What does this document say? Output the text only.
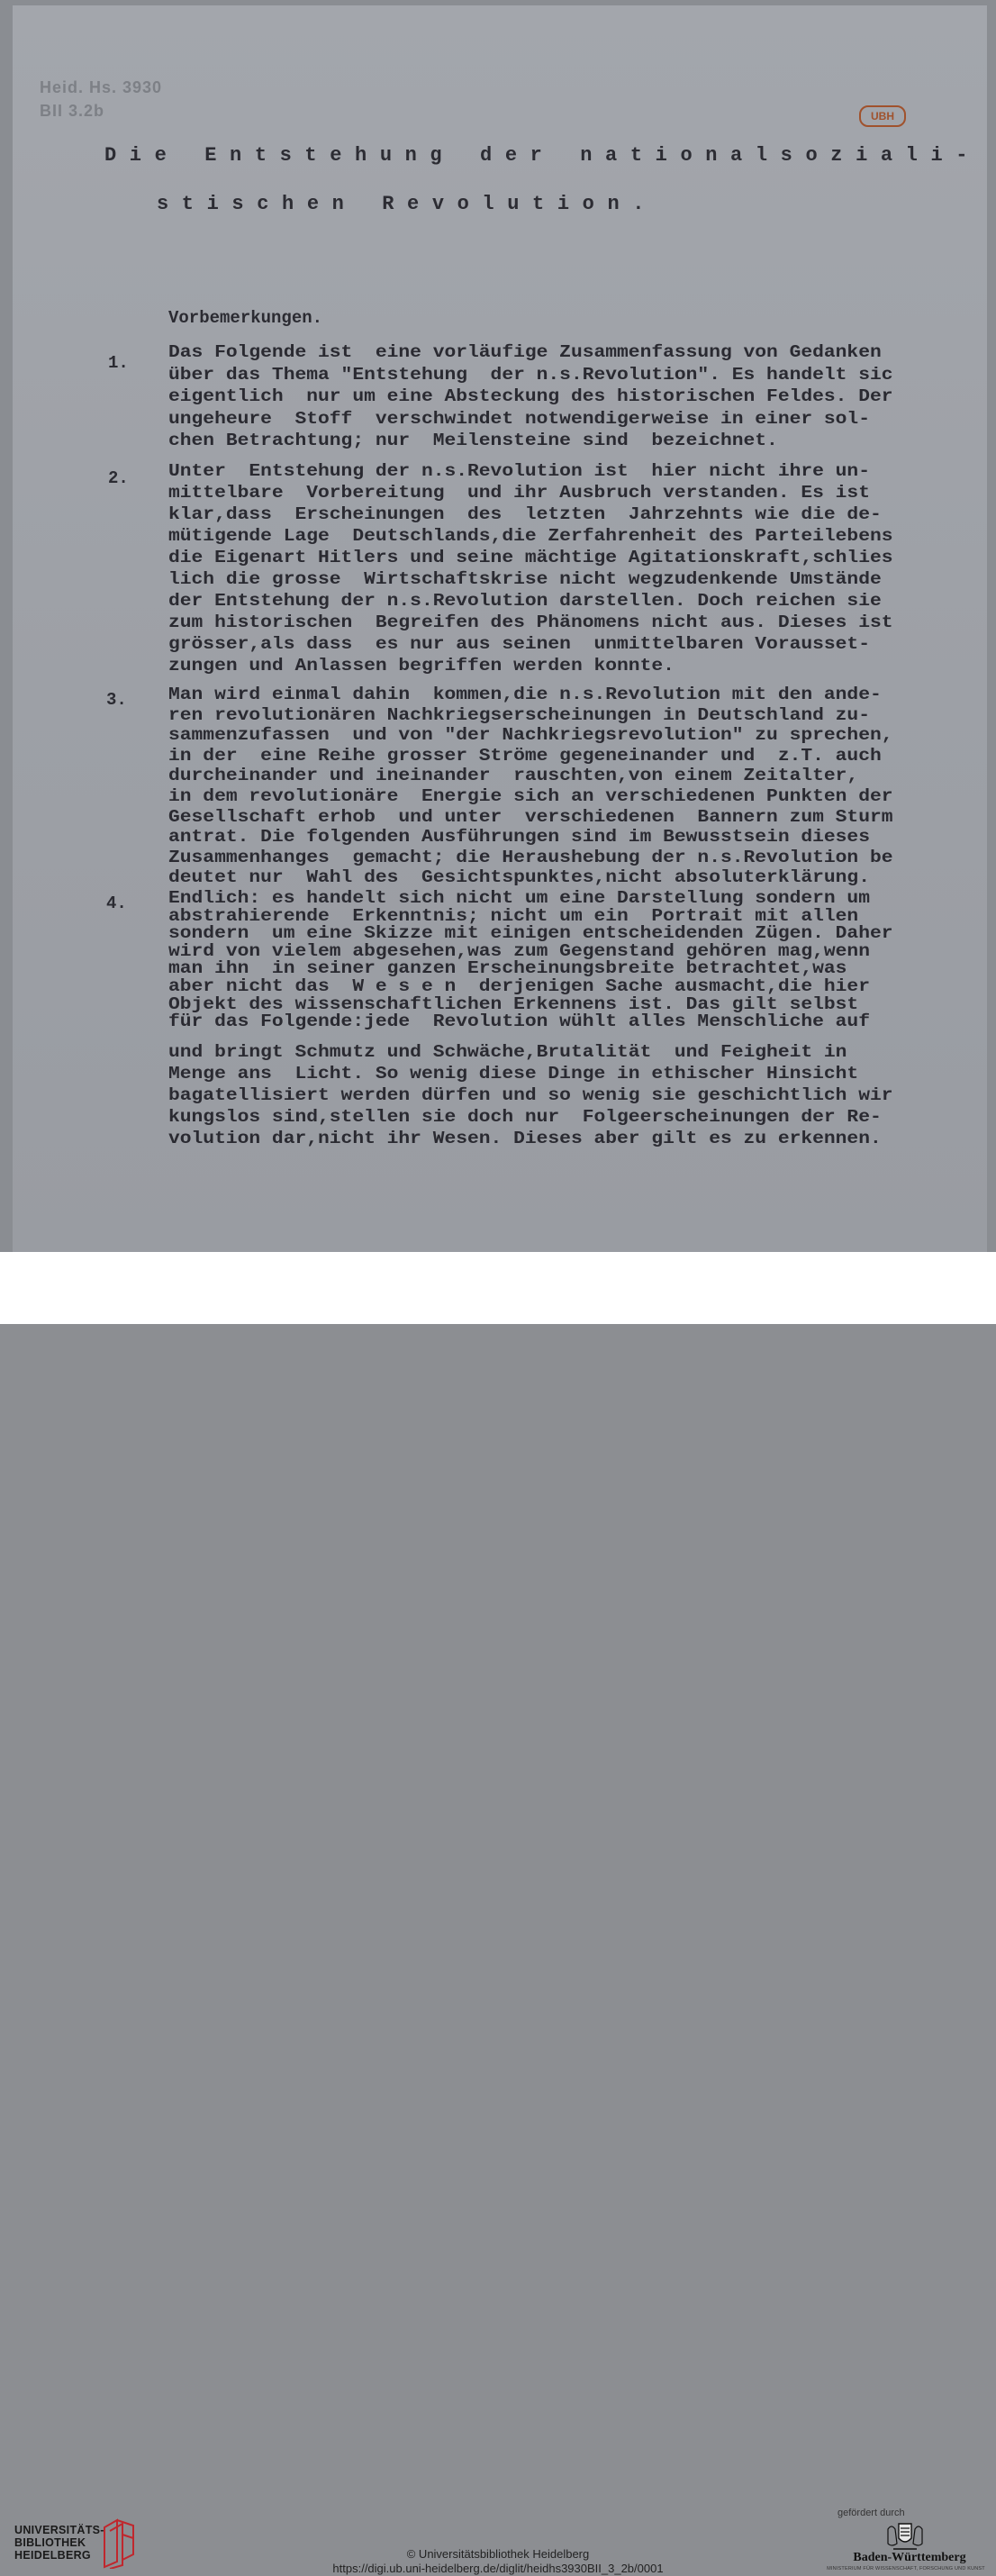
Heid. Hs. 3930
BII 3.2b	UBH
Die Entstehung der nationalsoziali-
stischen Revolution.
Vorbemerkungen.
1.
Das Folgende ist  eine vorläufige Zusammenfassung von Gedanken
über das Thema "Entstehung  der n.s.Revolution". Es handelt sic
eigentlich  nur um eine Absteckung des historischen Feldes. Der
ungeheure  Stoff  verschwindet notwendigerweise in einer sol-
chen Betrachtung; nur  Meilensteine sind  bezeichnet.
2. Unter  Entstehung der n.s.Revolution ist  hier nicht ihre un-
mittelbare  Vorbereitung  und ihr Ausbruch verstanden. Es ist
klar,dass  Erscheinungen  des  letzten  Jahrzehnts wie die de-
mütigende Lage  Deutschlands,die Zerfahrenheit des Parteilebens
die Eigenart Hitlers und seine mächtige Agitationskraft,schlies
lich die grosse  Wirtschaftskrise nicht wegzudenkende Umstände
der Entstehung der n.s.Revolution darstellen. Doch reichen sie
zum historischen  Begreifen des Phänomens nicht aus. Dieses ist
grösser,als dass  es nur aus seinen  unmittelbaren Vorausset-
zungen und Anlassen begriffen werden konnte.
3. Man wird einmal dahin  kommen,die n.s.Revolution mit den ande-
ren revolutionären Nachkriegserscheinungen in Deutschland zu-
sammenzufassen  und von "der Nachkriegsrevolution" zu sprechen,
in der  eine Reihe grosser Ströme gegeneinander und  z.T. auch
durcheinander und ineinander  rauschten,von einem Zeitalter,
in dem revolutionäre  Energie sich an verschiedenen Punkten der
Gesellschaft erhob  und unter  verschiedenen  Bannern zum Sturm
antrat. Die folgenden Ausführungen sind im Bewusstsein dieses
Zusammenhanges  gemacht; die Heraushebung der n.s.Revolution be
deutet nur  Wahl des  Gesichtspunktes,nicht absoluterklärung.
4. Endlich: es handelt sich nicht um eine Darstellung sondern um
abstrahierende  Erkenntnis; nicht um ein  Portrait mit allen
sondern  um eine Skizze mit einigen entscheidenden Zügen. Daher
wird von vielem abgesehen,was zum Gegenstand gehören mag,wenn
man ihn  in seiner ganzen Erscheinungsbreite betrachtet,was
aber nicht das  W e s e n  derjenigen Sache ausmacht,die hier
Objekt des wissenschaftlichen Erkennens ist. Das gilt selbst
für das Folgende:jede  Revolution wühlt alles Menschliche auf
und bringt Schmutz und Schwäche,Brutalität  und Feigheit in
Menge ans  Licht. So wenig diese Dinge in ethischer Hinsicht
bagatellisiert werden dürfen und so wenig sie geschichtlich wir
kungslos sind,stellen sie doch nur  Folgeerscheinungen der Re-
volution dar,nicht ihr Wesen. Dieses aber gilt es zu erkennen.
UNIVERSITÄTS-
BIBLIOTHEK
HEIDELBERG	© Universitätsbibliothek Heidelberg
https://digi.ub.uni-heidelberg.de/diglit/heidhs3930BII_3_2b/0001
gefördert durch
Baden-Württemberg
MINISTERIUM FÜR WISSENSCHAFT, FORSCHUNG UND KUNST
